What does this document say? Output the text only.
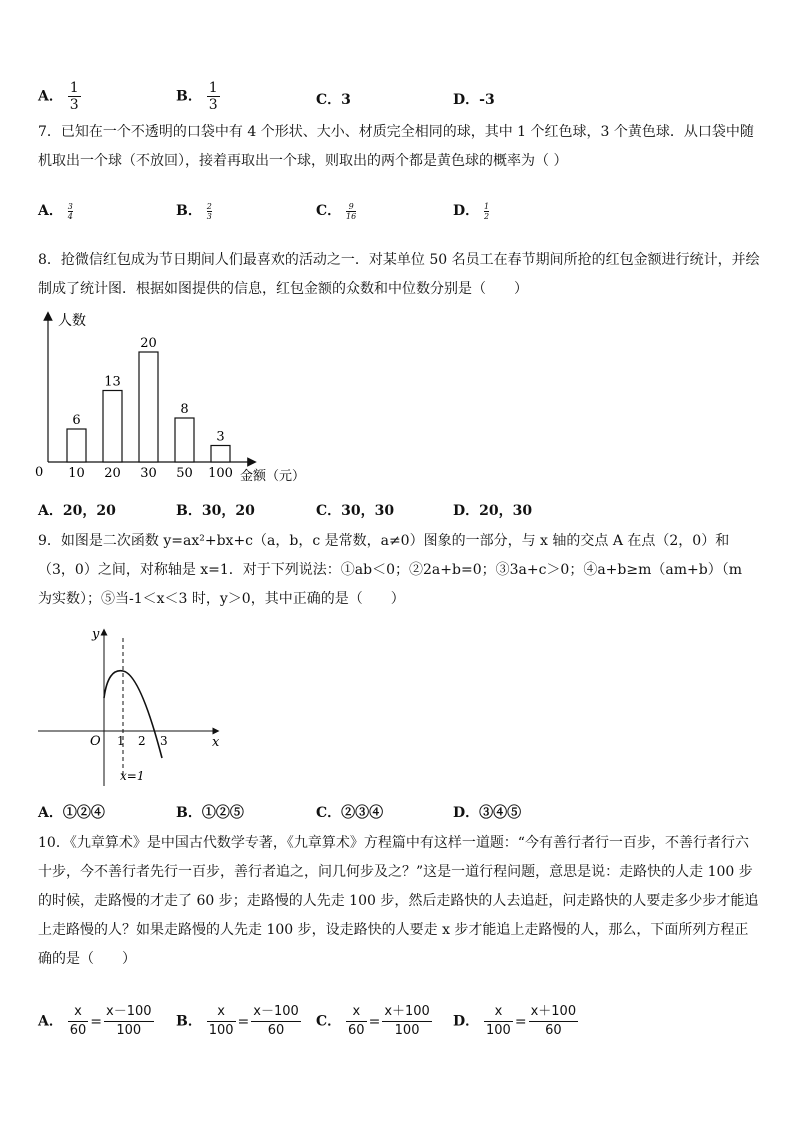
A． $\frac{1}{3}$	B． $\frac{1}{3}$	C．3	D．-3
7．已知在一个不透明的口袋中有 4 个形状、大小、材质完全相同的球，其中 1 个红色球，3 个黄色球．从口袋中随机取出一个球（不放回），接着再取出一个球，则取出的两个都是黄色球的概率为（ ）
A． $\frac{3}{4}$	B． $\frac{2}{3}$	C． $\frac{9}{16}$	D． $\frac{1}{2}$
8．抢微信红包成为节日期间人们最喜欢的活动之一．对某单位 50 名员工在春节期间所抢的红包金额进行统计，并绘制成了统计图．根据如图提供的信息，红包金额的众数和中位数分别是（　　）
人数
金额（元）
0
6
10
13
20
20
30
8
50
3
100
A．20，20	B．30，20	C．30，30	D．20，30
9．如图是二次函数 y=ax²+bx+c（a，b，c 是常数，a≠0）图象的一部分，与 x 轴的交点 A 在点（2，0）和（3，0）之间，对称轴是 x=1．对于下列说法：①ab＜0；②2a+b=0；③3a+c＞0；④a+b≥m（am+b）（m 为实数）；⑤当-1＜x＜3 时，y＞0，其中正确的是（　　）
y
x
O 1 2 3
x=1
A．①②④	B．①②⑤	C．②③④	D．③④⑤
10．《九章算术》是中国古代数学专著，《九章算术》方程篇中有这样一道题：“今有善行者行一百步，不善行者行六十步，今不善行者先行一百步，善行者追之，问几何步及之？”这是一道行程问题，意思是说：走路快的人走 100 步的时候，走路慢的才走了 60 步；走路慢的人先走 100 步，然后走路快的人去追赶，问走路快的人要走多少步才能追上走路慢的人？如果走路慢的人先走 100 步，设走路快的人要走 x 步才能追上走路慢的人，那么，下面所列方程正确的是（　　）
A． $\frac{x}{60} = \frac{x-100}{100}$ B． $\frac{x}{100} = \frac{x-100}{60}$ C． $\frac{x}{60} = \frac{x+100}{100}$ D． $\frac{x}{100} = \frac{x+100}{60}$
